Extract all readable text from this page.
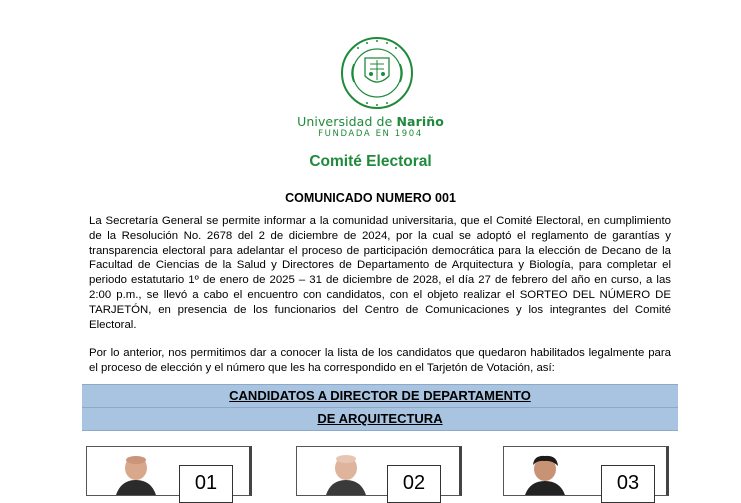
Universidad de Nariño
FUNDADA EN 1904
Comité Electoral
COMUNICADO NUMERO 001

La Secretaría General se permite informar a la comunidad universitaria, que el Comité Electoral, en cumplimiento de la Resolución No. 2678 del 2 de diciembre de 2024, por la cual se adoptó el reglamento de garantías y transparencia electoral para adelantar el proceso de participación democrática para la elección de Decano de la Facultad de Ciencias de la Salud y Directores de Departamento de Arquitectura y Biología, para completar el periodo estatutario 1º de enero de 2025 – 31 de diciembre de 2028, el día 27 de febrero del año en curso, a las 2:00 p.m., se llevó a cabo el encuentro con candidatos, con el objeto realizar el SORTEO DEL NÚMERO DE TARJETÓN, en presencia de los funcionarios del Centro de Comunicaciones y los integrantes del Comité Electoral.

Por lo anterior, nos permitimos dar a conocer la lista de los candidatos que quedaron habilitados legalmente para el proceso de elección y el número que les ha correspondido en el Tarjetón de Votación, así:

CANDIDATOS A DIRECTOR DE DEPARTAMENTO
DE ARQUITECTURA
01	02	03
